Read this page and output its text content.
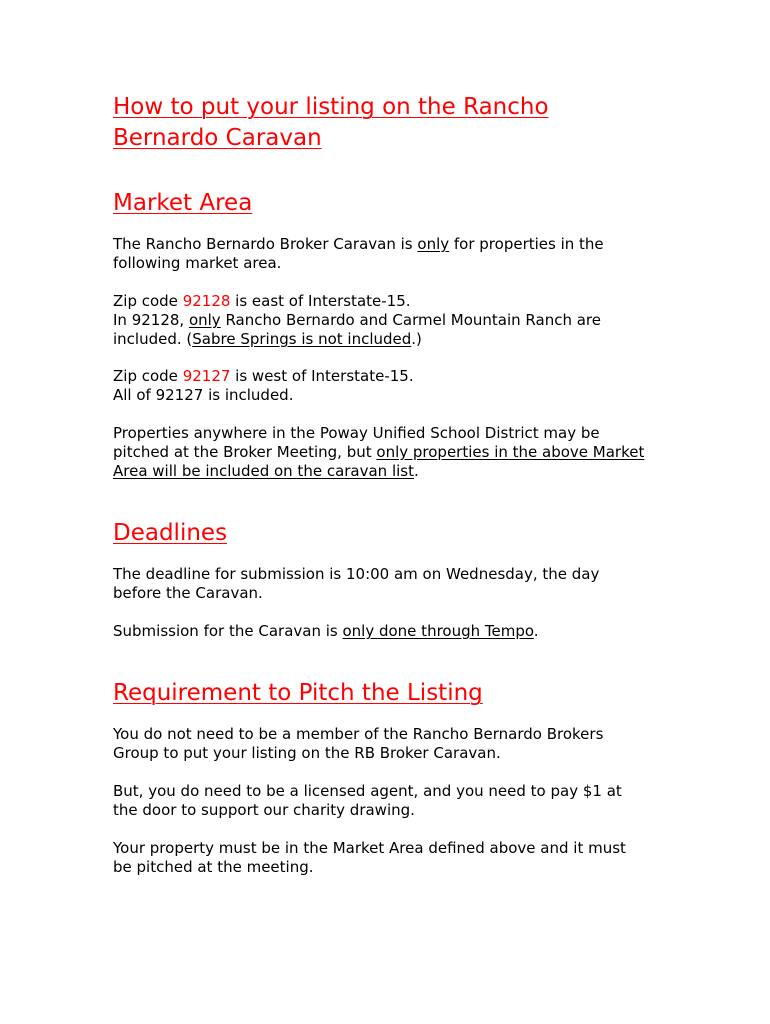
How to put your listing on the Rancho
Bernardo Caravan
Market Area

The Rancho Bernardo Broker Caravan is only for properties in the
following market area.

Zip code 92128 is east of Interstate-15.
In 92128, only Rancho Bernardo and Carmel Mountain Ranch are
included. (Sabre Springs is not included.)

Zip code 92127 is west of Interstate-15.
All of 92127 is included.

Properties anywhere in the Poway Unified School District may be
pitched at the Broker Meeting, but only properties in the above Market
Area will be included on the caravan list.

Deadlines

The deadline for submission is 10:00 am on Wednesday, the day
before the Caravan.

Submission for the Caravan is only done through Tempo.

Requirement to Pitch the Listing

You do not need to be a member of the Rancho Bernardo Brokers
Group to put your listing on the RB Broker Caravan.

But, you do need to be a licensed agent, and you need to pay $1 at
the door to support our charity drawing.

Your property must be in the Market Area defined above and it must
be pitched at the meeting.
